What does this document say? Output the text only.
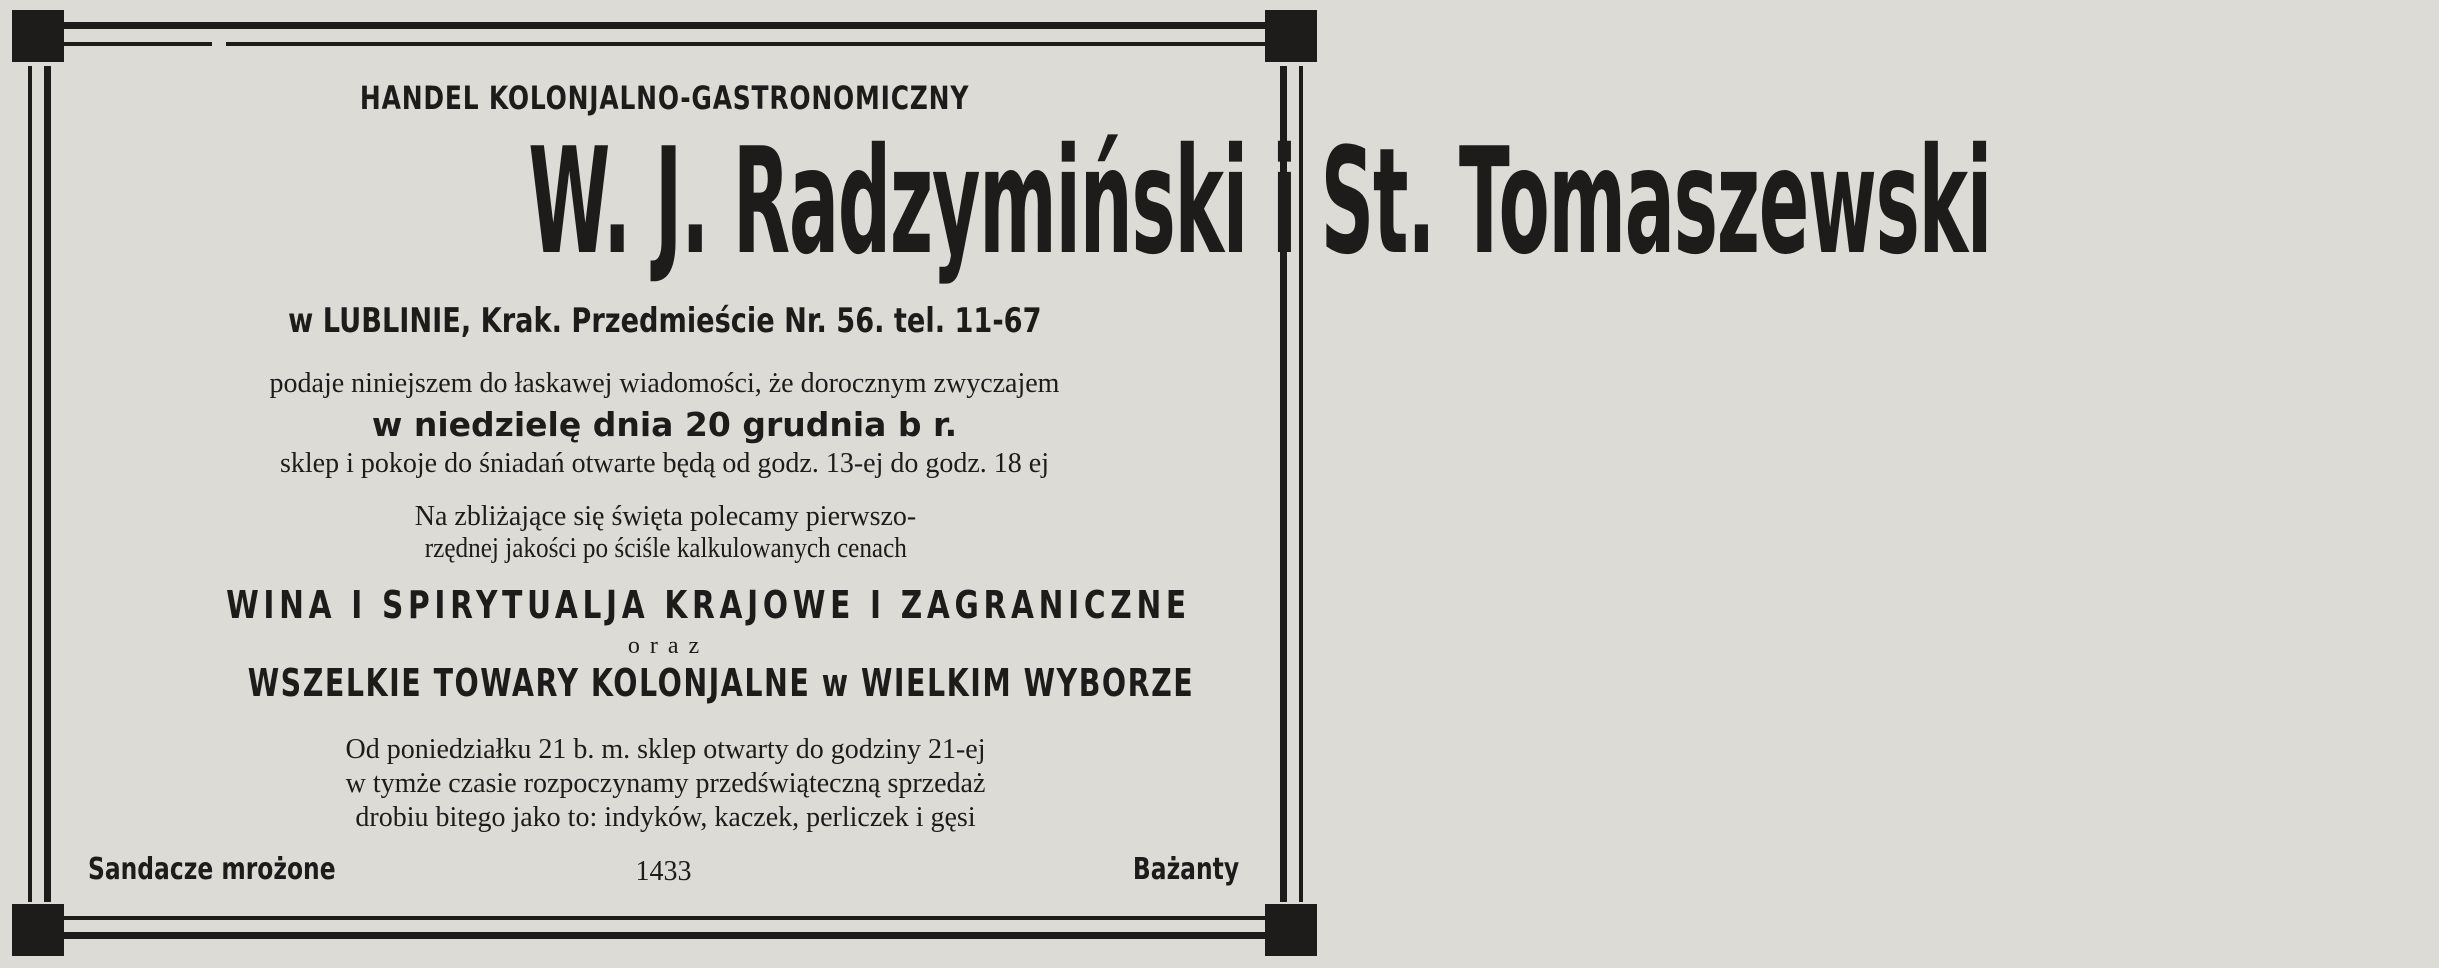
HANDEL KOLONJALNO-GASTRONOMICZNY
W. J. Radzymiński i St. Tomaszewski
w LUBLINIE, Krak. Przedmieście Nr. 56. tel. 11-67
podaje niniejszem do łaskawej wiadomości, że dorocznym zwyczajem
w niedzielę dnia 20 grudnia b r.
sklep i pokoje do śniadań otwarte będą od godz. 13-ej do godz. 18 ej
Na zbliżające się święta polecamy pierwszo-
rzędnej jakości po ściśle kalkulowanych cenach
WINA I SPIRYTUALJA KRAJOWE I ZAGRANICZNE
o r a z
WSZELKIE TOWARY KOLONJALNE w WIELKIM WYBORZE
Od poniedziałku 21 b. m. sklep otwarty do godziny 21-ej
w tymże czasie rozpoczynamy przedświąteczną sprzedaż
drobiu bitego jako to: indyków, kaczek, perliczek i gęsi
Sandacze mrożone	1433	Bażanty
